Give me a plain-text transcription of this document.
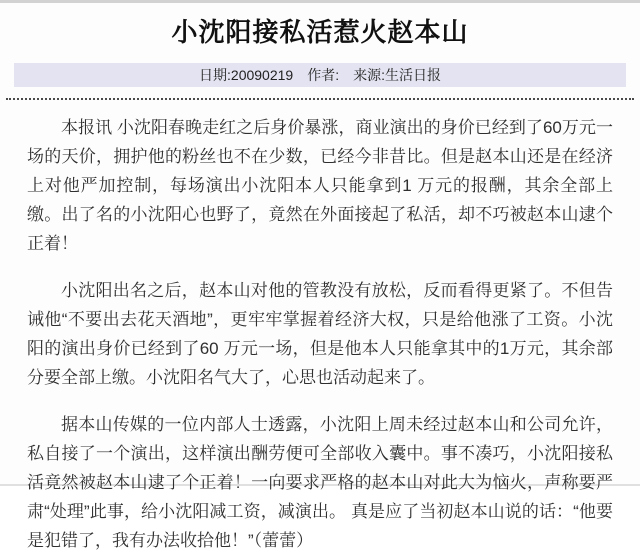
小沈阳接私活惹火赵本山
日期:20090219 作者: 来源:生活日报

本报讯 小沈阳春晚走红之后身价暴涨，商业演出的身价已经到了60万元一场的天价，拥护他的粉丝也不在少数，已经今非昔比。但是赵本山还是在经济上对他严加控制，每场演出小沈阳本人只能拿到1 万元的报酬，其余全部上缴。出了名的小沈阳心也野了，竟然在外面接起了私活，却不巧被赵本山逮个正着！

小沈阳出名之后，赵本山对他的管教没有放松，反而看得更紧了。不但告诫他“不要出去花天酒地”，更牢牢掌握着经济大权，只是给他涨了工资。小沈阳的演出身价已经到了60 万元一场，但是他本人只能拿其中的1万元，其余部分要全部上缴。小沈阳名气大了，心思也活动起来了。

据本山传媒的一位内部人士透露，小沈阳上周未经过赵本山和公司允许，私自接了一个演出，这样演出酬劳便可全部收入囊中。事不凑巧，小沈阳接私活竟然被赵本山逮了个正着！一向要求严格的赵本山对此大为恼火，声称要严肃“处理”此事，给小沈阳减工资，减演出。 真是应了当初赵本山说的话：“他要是犯错了，我有办法收拾他！”（蕾蕾）
